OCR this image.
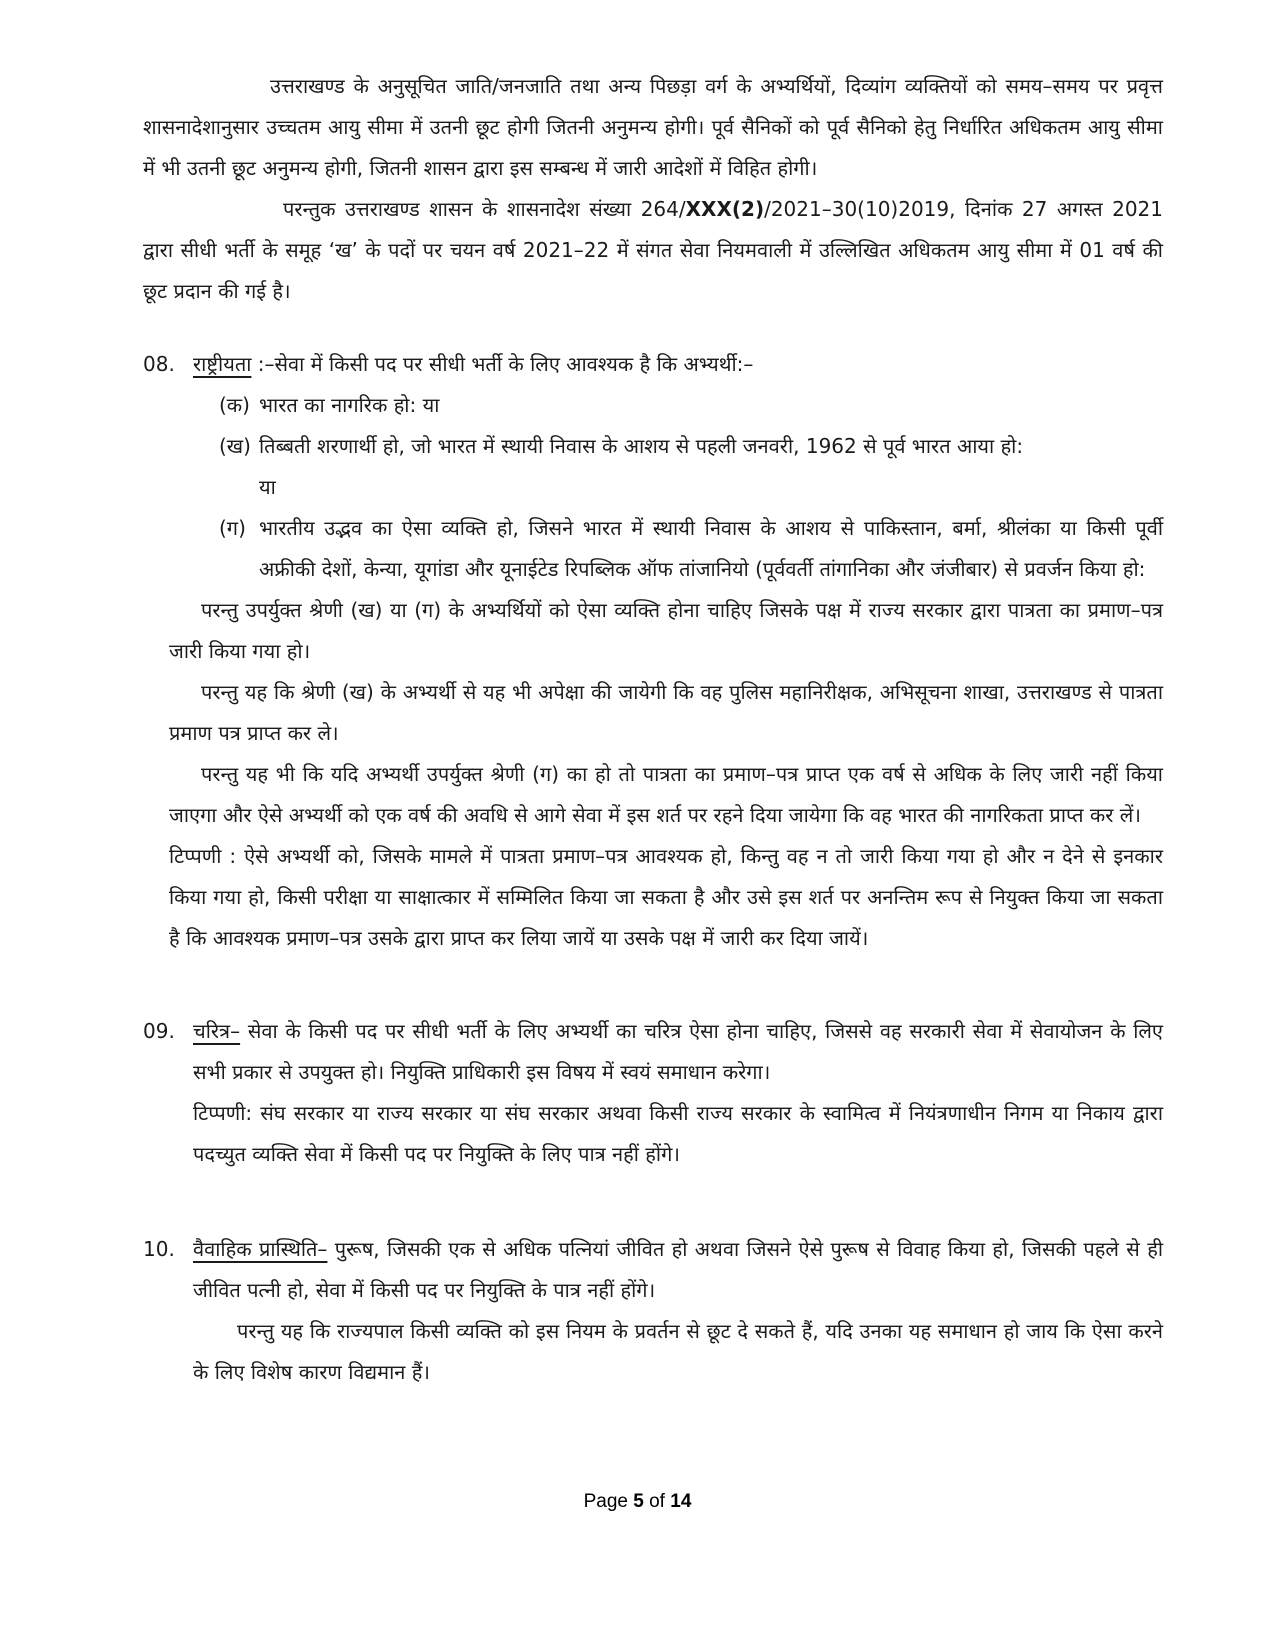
उत्तराखण्ड के अनुसूचित जाति/जनजाति तथा अन्य पिछड़ा वर्ग के अभ्यर्थियों, दिव्यांग व्यक्तियों को समय–समय पर प्रवृत्त शासनादेशानुसार उच्चतम आयु सीमा में उतनी छूट होगी जितनी अनुमन्य होगी। पूर्व सैनिकों को पूर्व सैनिको हेतु निर्धारित अधिकतम आयु सीमा में भी उतनी छूट अनुमन्य होगी, जितनी शासन द्वारा इस सम्बन्ध में जारी आदेशों में विहित होगी।

परन्तुक उत्तराखण्ड शासन के शासनादेश संख्या 264/XXX(2)/2021–30(10)2019, दिनांक 27 अगस्त 2021 द्वारा सीधी भर्ती के समूह ‘ख’ के पदों पर चयन वर्ष 2021–22 में संगत सेवा नियमवाली में उल्लिखित अधिकतम आयु सीमा में 01 वर्ष की छूट प्रदान की गई है।

08. राष्ट्रीयता :–सेवा में किसी पद पर सीधी भर्ती के लिए आवश्यक है कि अभ्यर्थी:–

(क) भारत का नागरिक हो: या

(ख) तिब्बती शरणार्थी हो, जो भारत में स्थायी निवास के आशय से पहली जनवरी, 1962 से पूर्व भारत आया हो:

या

(ग) भारतीय उद्भव का ऐसा व्यक्ति हो, जिसने भारत में स्थायी निवास के आशय से पाकिस्तान, बर्मा, श्रीलंका या किसी पूर्वी अफ्रीकी देशों, केन्या, यूगांडा और यूनाईटेड रिपब्लिक ऑफ तांजानियो (पूर्ववर्ती तांगानिका और जंजीबार) से प्रवर्जन किया हो:

परन्तु उपर्युक्त श्रेणी (ख) या (ग) के अभ्यर्थियों को ऐसा व्यक्ति होना चाहिए जिसके पक्ष में राज्य सरकार द्वारा पात्रता का प्रमाण–पत्र जारी किया गया हो।

परन्तु यह कि श्रेणी (ख) के अभ्यर्थी से यह भी अपेक्षा की जायेगी कि वह पुलिस महानिरीक्षक, अभिसूचना शाखा, उत्तराखण्ड से पात्रता प्रमाण पत्र प्राप्त कर ले।

परन्तु यह भी कि यदि अभ्यर्थी उपर्युक्त श्रेणी (ग) का हो तो पात्रता का प्रमाण–पत्र प्राप्त एक वर्ष से अधिक के लिए जारी नहीं किया जाएगा और ऐसे अभ्यर्थी को एक वर्ष की अवधि से आगे सेवा में इस शर्त पर रहने दिया जायेगा कि वह भारत की नागरिकता प्राप्त कर लें।

टिप्पणी : ऐसे अभ्यर्थी को, जिसके मामले में पात्रता प्रमाण–पत्र आवश्यक हो, किन्तु वह न तो जारी किया गया हो और न देने से इनकार किया गया हो, किसी परीक्षा या साक्षात्कार में सम्मिलित किया जा सकता है और उसे इस शर्त पर अनन्तिम रूप से नियुक्त किया जा सकता है कि आवश्यक प्रमाण–पत्र उसके द्वारा प्राप्त कर लिया जायें या उसके पक्ष में जारी कर दिया जायें।

09. चरित्र– सेवा के किसी पद पर सीधी भर्ती के लिए अभ्यर्थी का चरित्र ऐसा होना चाहिए, जिससे वह सरकारी सेवा में सेवायोजन के लिए सभी प्रकार से उपयुक्त हो। नियुक्ति प्राधिकारी इस विषय में स्वयं समाधान करेगा।

टिप्पणी: संघ सरकार या राज्य सरकार या संघ सरकार अथवा किसी राज्य सरकार के स्वामित्व में नियंत्रणाधीन निगम या निकाय द्वारा पदच्युत व्यक्ति सेवा में किसी पद पर नियुक्ति के लिए पात्र नहीं होंगे।

10. वैवाहिक प्रास्थिति– पुरूष, जिसकी एक से अधिक पत्नियां जीवित हो अथवा जिसने ऐसे पुरूष से विवाह किया हो, जिसकी पहले से ही जीवित पत्नी हो, सेवा में किसी पद पर नियुक्ति के पात्र नहीं होंगे।

परन्तु यह कि राज्यपाल किसी व्यक्ति को इस नियम के प्रवर्तन से छूट दे सकते हैं, यदि उनका यह समाधान हो जाय कि ऐसा करने के लिए विशेष कारण विद्यमान हैं।

Page 5 of 14
